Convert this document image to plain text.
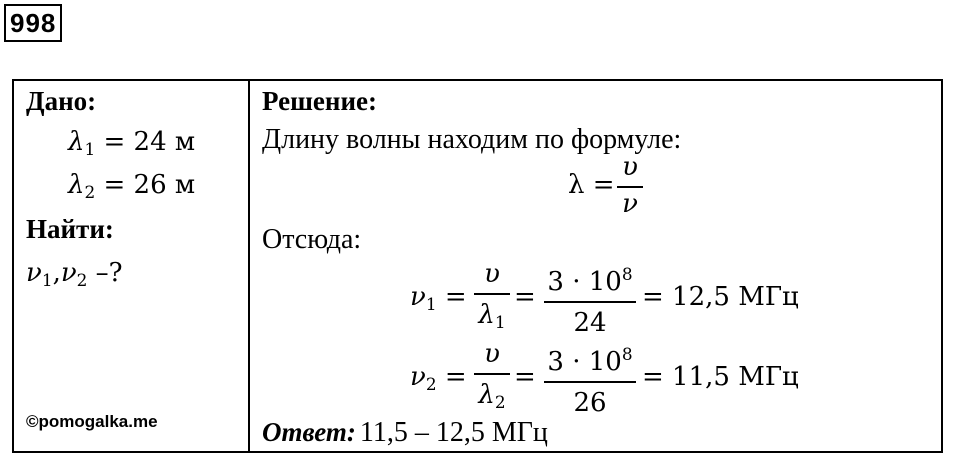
998
Дано:
$\lambda_1 = 24$ м
$\lambda_2 = 26$ м
Найти:
$\nu_1,\nu_2$ –?
©pomogalka.me
Решение:
Длину волны находим по формуле:
λ =
υ
ν
Отсюда:
$\nu_1$ =
υ
$\lambda_1$
= $3 \cdot 10^8$
24
= 12,5 МГц
$\nu_2$ =
υ
$\lambda_2$
= $3 \cdot 10^8$
26
= 11,5 МГц
Ответ: 11,5 – 12,5 МГц
